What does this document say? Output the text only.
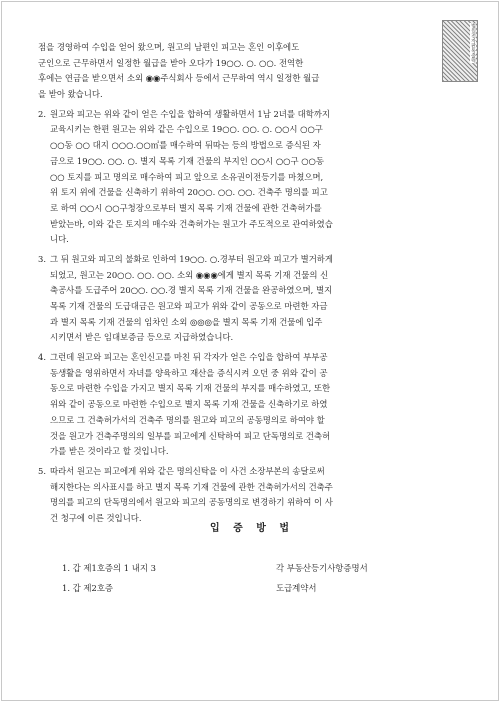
법원전자판독출력

점을 경영하여 수입을 얻어 왔으며, 원고의 남편인 피고는 혼인 이후에도

군인으로 근무하면서 일정한 월급을 받아 오다가 19○○. ○. ○○. 전역한

후에는 연금을 받으면서 소외 ◉◉주식회사 등에서 근무하여 역시 일정한 월급

을 받아 왔습니다.

2. 원고와 피고는 위와 같이 얻은 수입을 합하여 생활하면서 1남 2녀를 대학까지

교육시키는 한편 원고는 위와 같은 수입으로 19○○. ○○. ○. ○○시 ○○구

○○동 ○○ 대지 ○○○.○○㎡를 매수하여 뒤따는 등의 방법으로 증식된 자

금으로 19○○. ○○. ○. 별지 목록 기재 건물의 부지인 ○○시 ○○구 ○○동

○○ 토지를 피고 명의로 매수하여 피고 앞으로 소유권이전등기를 마쳤으며,

위 토지 위에 건물을 신축하기 위하여 20○○. ○○. ○○. 건축주 명의를 피고

로 하여 ○○시 ○○구청장으로부터 별지 목록 기재 건물에 관한 건축허가를

받았는바, 이와 같은 토지의 매수와 건축허가는 원고가 주도적으로 관여하였습

니다.

3. 그 뒤 원고와 피고의 불화로 인하여 19○○. ○.경부터 원고와 피고가 별거하게

되었고, 원고는 20○○. ○○. ○○. 소외 ◉◉◉에게 별지 목록 기재 건물의 신

축공사를 도급주어 20○○. ○○.경 별지 목록 기재 건물을 완공하였으며, 별지

목록 기재 건물의 도급대금은 원고와 피고가 위와 같이 공동으로 마련한 자금

과 별지 목록 기재 건물의 임차인 소외 ◎◎◎을 별지 목록 기재 건물에 입주

시키면서 받은 임대보증금 등으로 지급하였습니다.

4. 그런데 원고와 피고는 혼인신고를 마친 뒤 각자가 얻은 수입을 합하여 부부공

동생활을 영위하면서 자녀를 양육하고 재산을 증식시켜 오던 중 위와 같이 공

동으로 마련한 수입을 가지고 별지 목록 기재 건물의 부지를 매수하였고, 또한

위와 같이 공동으로 마련한 수입으로 별지 목록 기재 건물을 신축하기로 하였

으므로 그 건축허가서의 건축주 명의를 원고와 피고의 공동명의로 하여야 할

것을 원고가 건축주명의의 일부를 피고에게 신탁하여 피고 단독명의로 건축허

가를 받은 것이라고 할 것입니다.

5. 따라서 원고는 피고에게 위와 같은 명의신탁을 이 사건 소장부본의 송달로써

해지한다는 의사표시를 하고 별지 목록 기재 건물에 관한 건축허가서의 건축주

명의를 피고의 단독명의에서 원고와 피고의 공동명의로 변경하기 위하여 이 사

건 청구에 이른 것입니다.

입 증 방 법
1. 갑 제1호증의 1 내지 3	각 부동산등기사항증명서
1. 갑 제2호증	도급계약서
